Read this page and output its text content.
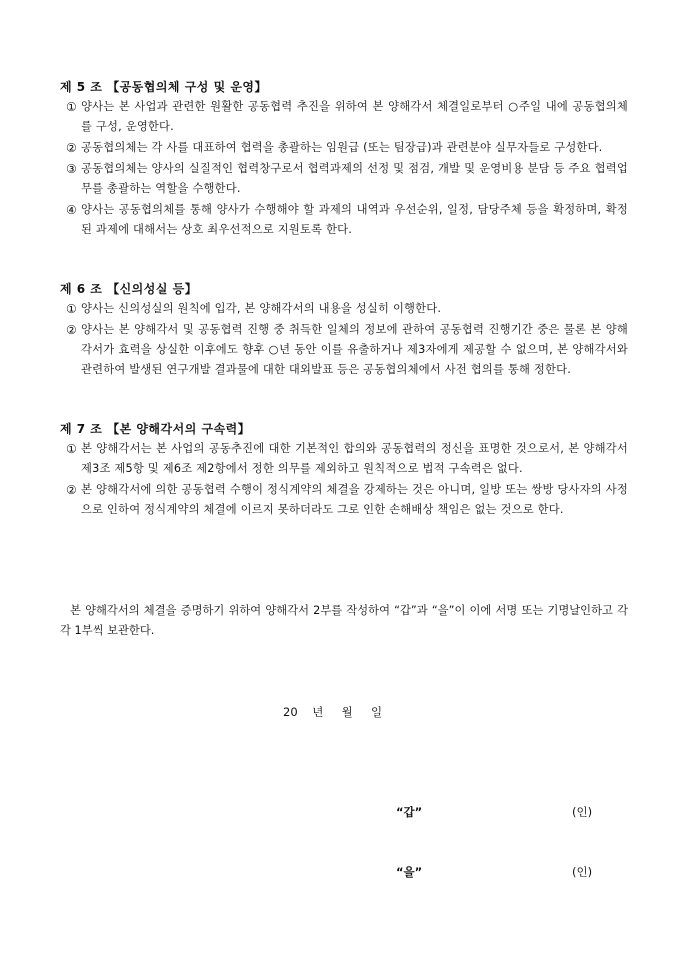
제 5 조 【공동협의체 구성 및 운영】
① 양사는 본 사업과 관련한 원활한 공동협력 추진을 위하여 본 양해각서 체결일로부터 ○주일 내에 공동협의체를 구성, 운영한다.
② 공동협의체는 각 사를 대표하여 협력을 총괄하는 임원급 (또는 팀장급)과 관련분야 실무자들로 구성한다.
③ 공동협의체는 양사의 실질적인 협력창구로서 협력과제의 선정 및 점검, 개발 및 운영비용 분담 등 주요 협력업무를 총괄하는 역할을 수행한다.
④ 양사는 공동협의체를 통해 양사가 수행해야 할 과제의 내역과 우선순위, 일정, 담당주체 등을 확정하며, 확정된 과제에 대해서는 상호 최우선적으로 지원토록 한다.
제 6 조 【신의성실 등】
① 양사는 신의성실의 원칙에 입각, 본 양해각서의 내용을 성실히 이행한다.
② 양사는 본 양해각서 및 공동협력 진행 중 취득한 일체의 정보에 관하여 공동협력 진행기간 중은 물론 본 양해각서가 효력을 상실한 이후에도 향후 ○년 동안 이를 유출하거나 제3자에게 제공할 수 없으며, 본 양해각서와 관련하여 발생된 연구개발 결과물에 대한 대외발표 등은 공동협의체에서 사전 협의를 통해 정한다.
제 7 조 【본 양해각서의 구속력】
① 본 양해각서는 본 사업의 공동추진에 대한 기본적인 합의와 공동협력의 정신을 표명한 것으로서, 본 양해각서 제3조 제5항 및 제6조 제2항에서 정한 의무를 제외하고 원칙적으로 법적 구속력은 없다.
② 본 양해각서에 의한 공동협력 수행이 정식계약의 체결을 강제하는 것은 아니며, 일방 또는 쌍방 당사자의 사정으로 인하여 정식계약의 체결에 이르지 못하더라도 그로 인한 손해배상 책임은 없는 것으로 한다.

본 양해각서의 체결을 증명하기 위하여 양해각서 2부를 작성하여 “갑”과 “을”이 이에 서명 또는 기명날인하고 각각 1부씩 보관한다.

20    년     월     일
“갑”	(인)
“을”	(인)
